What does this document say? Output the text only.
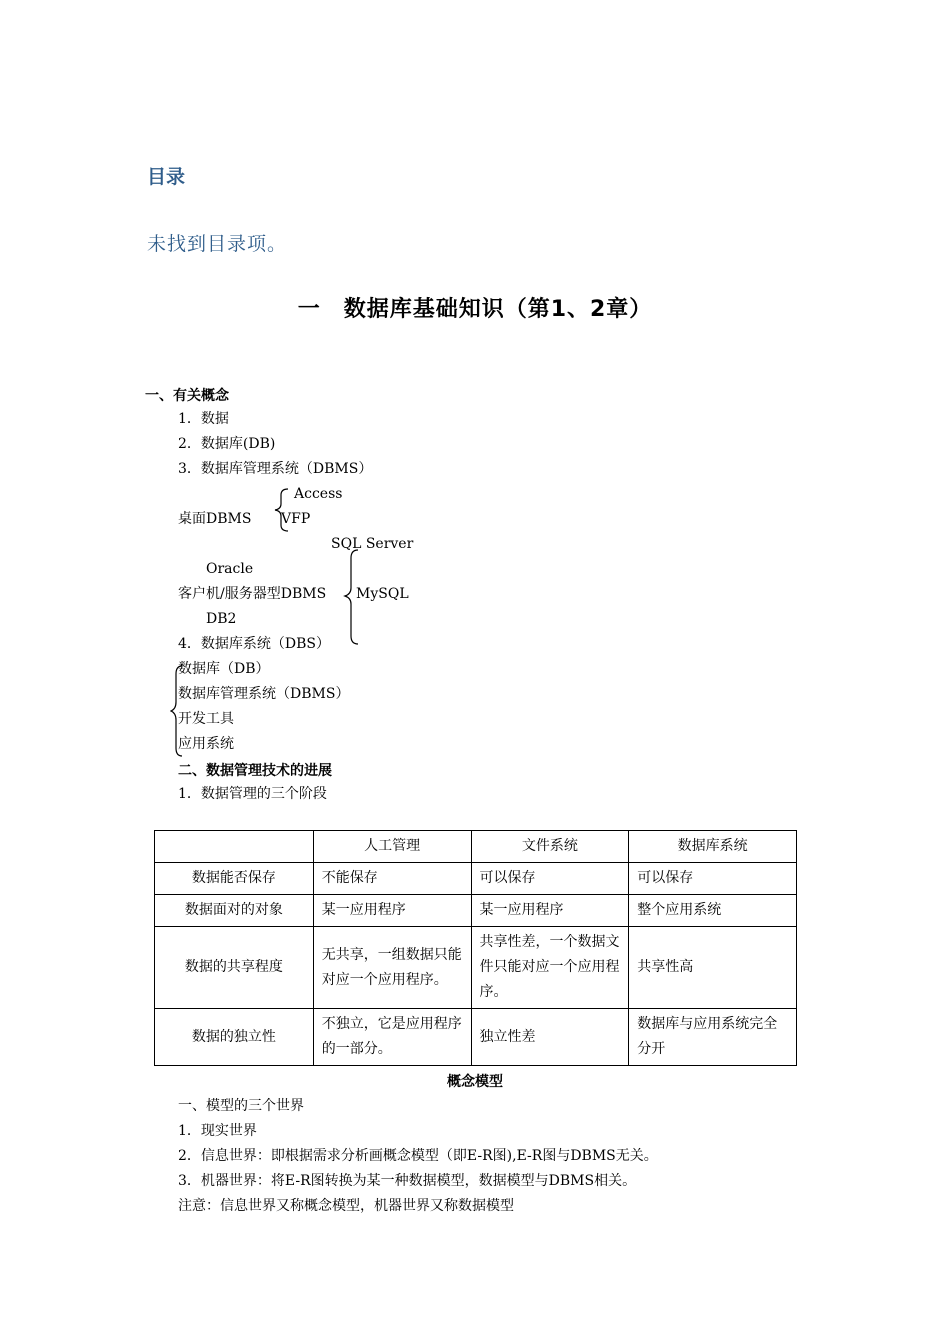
目录
未找到目录项。
一　数据库基础知识（第1、2章）
一、有关概念
1．数据
2．数据库(DB)
3．数据库管理系统（DBMS）
Access
桌面DBMS VFP
SQL Server
Oracle
客户机/服务器型DBMS MySQL
DB2
4．数据库系统（DBS）
数据库（DB）
数据库管理系统（DBMS）
开发工具
应用系统
二、数据管理技术的进展
1．数据管理的三个阶段
	人工管理	文件系统	数据库系统
数据能否保存	不能保存	可以保存	可以保存
数据面对的对象	某一应用程序	某一应用程序	整个应用系统
数据的共享程度	无共享，一组数据只能对应一个应用程序。	共享性差，一个数据文件只能对应一个应用程序。	共享性高
数据的独立性	不独立，它是应用程序的一部分。	独立性差	数据库与应用系统完全分开
概念模型
一、模型的三个世界
1．现实世界
2．信息世界：即根据需求分析画概念模型（即E-R图),E-R图与DBMS无关。
3．机器世界：将E-R图转换为某一种数据模型，数据模型与DBMS相关。
注意：信息世界又称概念模型，机器世界又称数据模型
